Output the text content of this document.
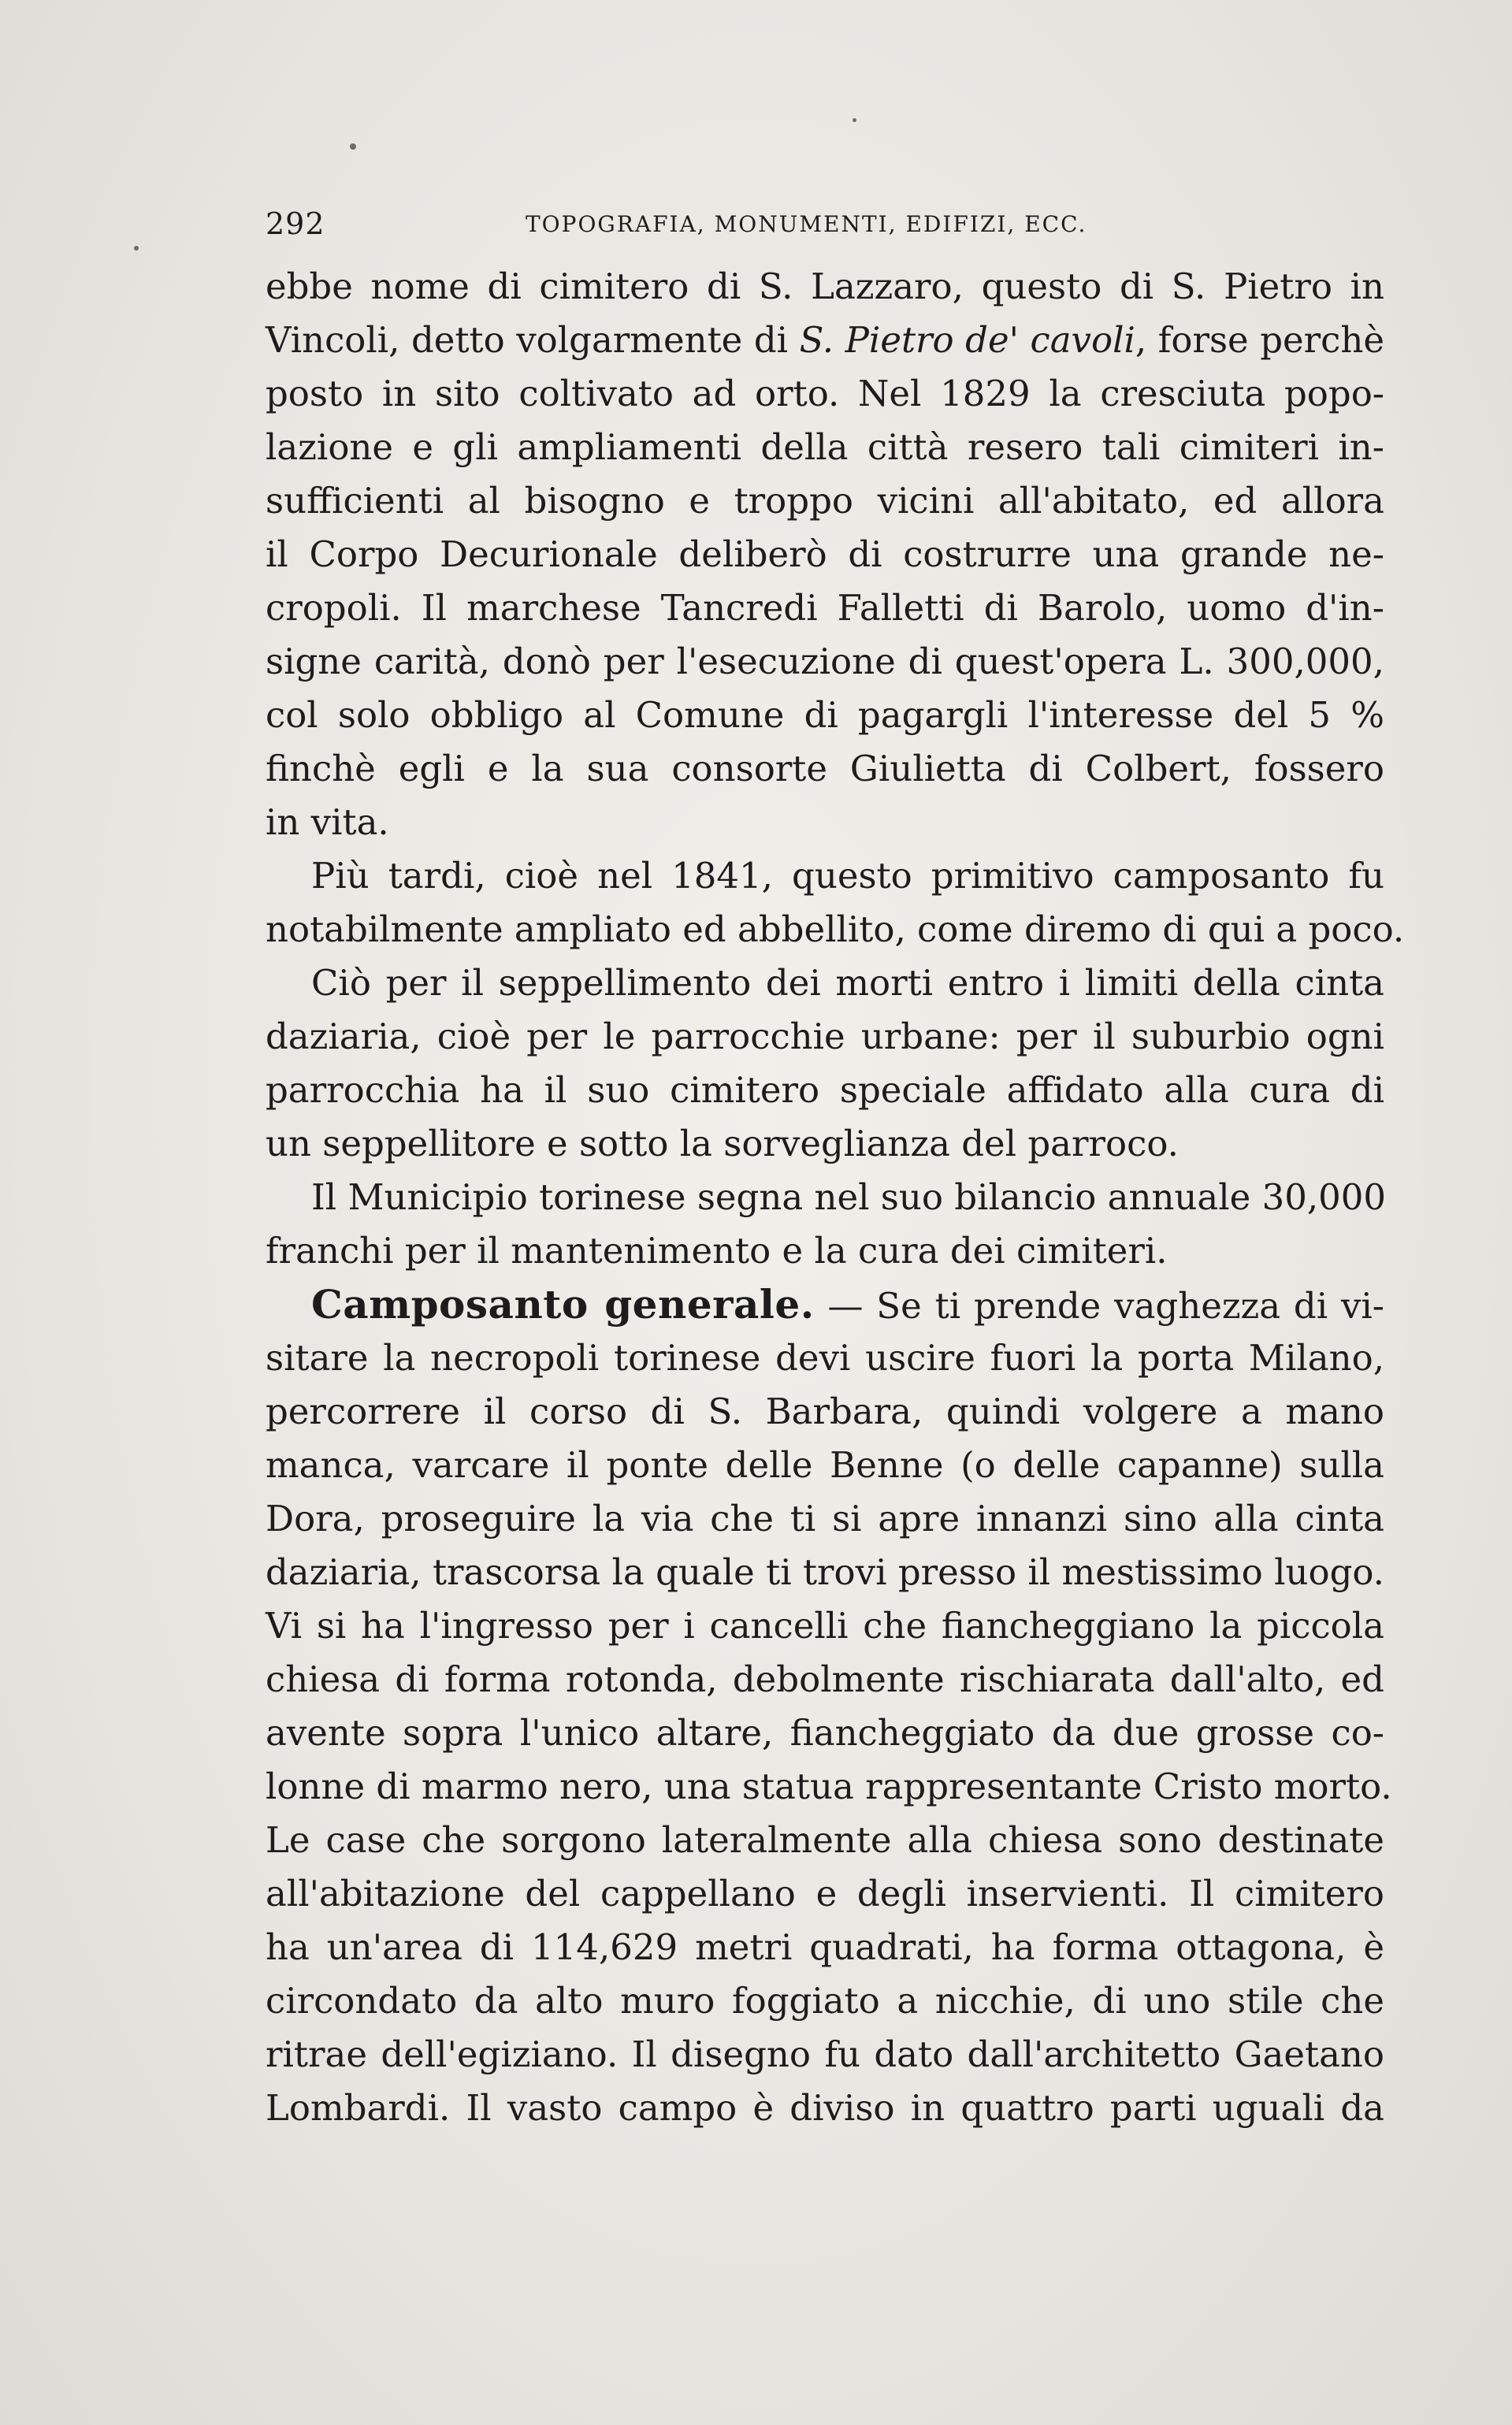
292	TOPOGRAFIA, MONUMENTI, EDIFIZI, ECC.
ebbe nome di cimitero di S. Lazzaro, questo di S. Pietro in
Vincoli, detto volgarmente di S. Pietro de' cavoli, forse perchè
posto in sito coltivato ad orto. Nel 1829 la cresciuta popo-
lazione e gli ampliamenti della città resero tali cimiteri in-
sufficienti al bisogno e troppo vicini all'abitato, ed allora
il Corpo Decurionale deliberò di costrurre una grande ne-
cropoli. Il marchese Tancredi Falletti di Barolo, uomo d'in-
signe carità, donò per l'esecuzione di quest'opera L. 300,000,
col solo obbligo al Comune di pagargli l'interesse del 5 %
finchè egli e la sua consorte Giulietta di Colbert, fossero
in vita.
Più tardi, cioè nel 1841, questo primitivo camposanto fu
notabilmente ampliato ed abbellito, come diremo di qui a poco.
Ciò per il seppellimento dei morti entro i limiti della cinta
daziaria, cioè per le parrocchie urbane: per il suburbio ogni
parrocchia ha il suo cimitero speciale affidato alla cura di
un seppellitore e sotto la sorveglianza del parroco.
Il Municipio torinese segna nel suo bilancio annuale 30,000
franchi per il mantenimento e la cura dei cimiteri.
Camposanto generale. — Se ti prende vaghezza di vi-
sitare la necropoli torinese devi uscire fuori la porta Milano,
percorrere il corso di S. Barbara, quindi volgere a mano
manca, varcare il ponte delle Benne (o delle capanne) sulla
Dora, proseguire la via che ti si apre innanzi sino alla cinta
daziaria, trascorsa la quale ti trovi presso il mestissimo luogo.
Vi si ha l'ingresso per i cancelli che fiancheggiano la piccola
chiesa di forma rotonda, debolmente rischiarata dall'alto, ed
avente sopra l'unico altare, fiancheggiato da due grosse co-
lonne di marmo nero, una statua rappresentante Cristo morto.
Le case che sorgono lateralmente alla chiesa sono destinate
all'abitazione del cappellano e degli inservienti. Il cimitero
ha un'area di 114,629 metri quadrati, ha forma ottagona, è
circondato da alto muro foggiato a nicchie, di uno stile che
ritrae dell'egiziano. Il disegno fu dato dall'architetto Gaetano
Lombardi. Il vasto campo è diviso in quattro parti uguali da
